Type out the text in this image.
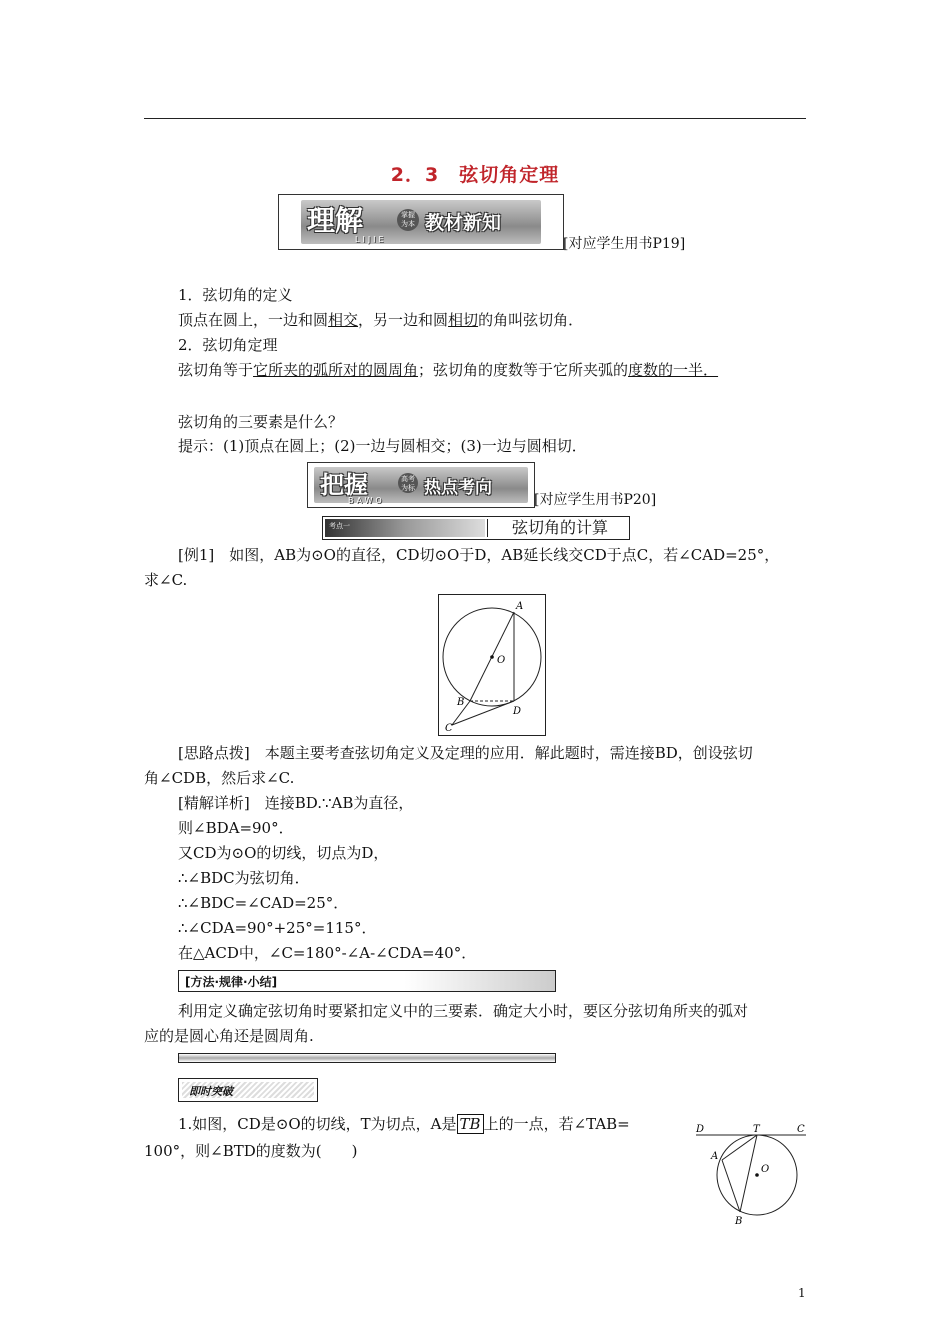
2．3　弦切角定理
理解	掌握 为本 教材新知
LIJIE	[对应学生用书P19]
1．弦切角的定义
顶点在圆上，一边和圆相交，另一边和圆相切的角叫弦切角．
2．弦切角定理
弦切角等于它所夹的弧所对的圆周角；弦切角的度数等于它所夹弧的度数的一半．
弦切角的三要素是什么？
提示：(1)顶点在圆上；(2)一边与圆相交；(3)一边与圆相切．
把握	高考 为标 热点考向
BAWO	[对应学生用书P20]
考点一	弦切角的计算
[例1]　如图，AB为⊙O的直径，CD切⊙O于D，AB延长线交CD于点C，若∠CAD=25°，
求∠C.
A
O
B
D
C
[思路点拨]　本题主要考查弦切角定义及定理的应用．解此题时，需连接BD，创设弦切
角∠CDB，然后求∠C.
[精解详析]　连接BD.∵AB为直径，
则∠BDA=90°．
又CD为⊙O的切线，切点为D，
∴∠BDC为弦切角．
∴∠BDC=∠CAD=25°．
∴∠CDA=90°+25°=115°．
在△ACD中，∠C=180°-∠A-∠CDA=40°．
[方法·规律·小结]
利用定义确定弦切角时要紧扣定义中的三要素．确定大小时，要区分弦切角所夹的弧对
应的是圆心角还是圆周角.
即时突破
1.如图，CD是⊙O的切线，T为切点，A是 TB 上的一点，若∠TAB=
100°，则∠BTD的度数为(　　)
D	T	C
A
O
B
1
